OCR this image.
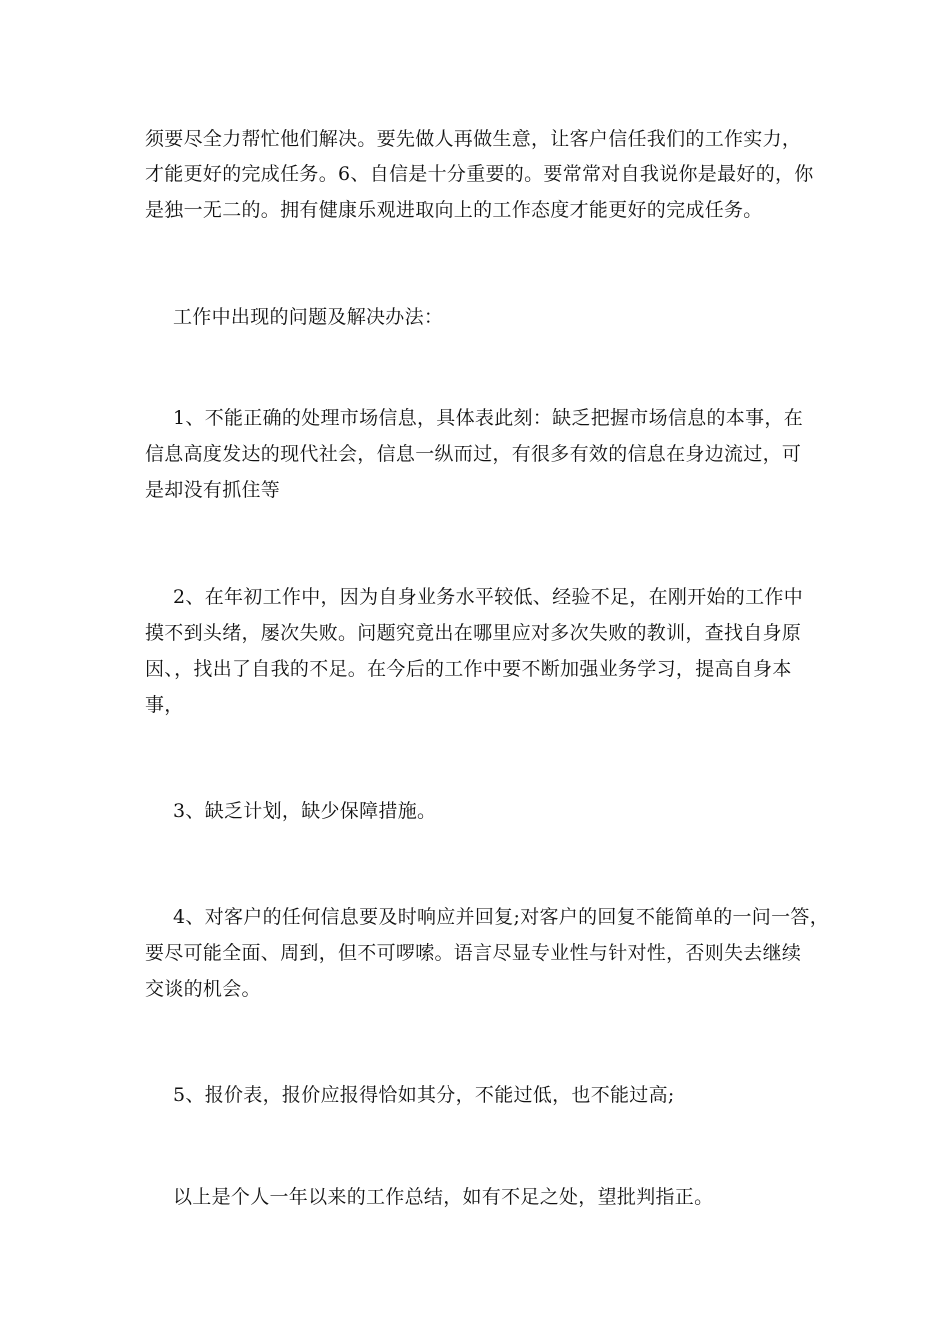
须要尽全力帮忙他们解决。要先做人再做生意，让客户信任我们的工作实力，
才能更好的完成任务。6、自信是十分重要的。要常常对自我说你是最好的，你
是独一无二的。拥有健康乐观进取向上的工作态度才能更好的完成任务。
工作中出现的问题及解决办法：
1、不能正确的处理市场信息，具体表此刻：缺乏把握市场信息的本事，在
信息高度发达的现代社会，信息一纵而过，有很多有效的信息在身边流过，可
是却没有抓住等
2、在年初工作中，因为自身业务水平较低、经验不足，在刚开始的工作中
摸不到头绪，屡次失败。问题究竟出在哪里应对多次失败的教训，查找自身原
因、，找出了自我的不足。在今后的工作中要不断加强业务学习，提高自身本
事，
3、缺乏计划，缺少保障措施。
4、对客户的任何信息要及时响应并回复;对客户的回复不能简单的一问一答，
要尽可能全面、周到，但不可啰嗦。语言尽显专业性与针对性，否则失去继续
交谈的机会。
5、报价表，报价应报得恰如其分，不能过低，也不能过高;
以上是个人一年以来的工作总结，如有不足之处，望批判指正。
